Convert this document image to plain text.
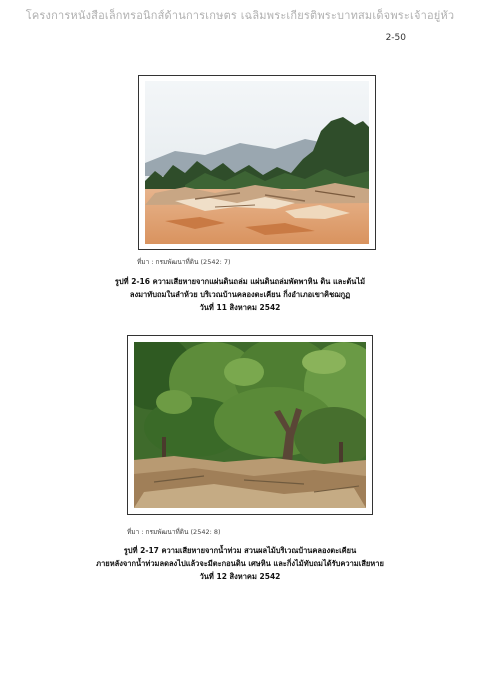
โครงการหนังสือเล็กทรอนิกส์ด้านการเกษตร เฉลิมพระเกียรติพระบาทสมเด็จพระเจ้าอยู่หัว
2-50
ที่มา : กรมพัฒนาที่ดิน (2542: 7)
รูปที่ 2-16 ความเสียหายจากแผ่นดินถล่ม แผ่นดินถล่มพัดพาหิน ดิน และต้นไม้
ลงมาทับถมในลำห้วย บริเวณบ้านคลองตะเคียน กิ่งอำเภอเขาคิชฌกูฏ
วันที่ 11 สิงหาคม 2542
ที่มา : กรมพัฒนาที่ดิน (2542: 8)
รูปที่ 2-17 ความเสียหายจากน้ำท่วม สวนผลไม้บริเวณบ้านคลองตะเคียน
ภายหลังจากน้ำท่วมลดลงไปแล้วจะมีตะกอนดิน เศษหิน และกิ่งไม้ทับถมได้รับความเสียหาย
วันที่ 12 สิงหาคม 2542
